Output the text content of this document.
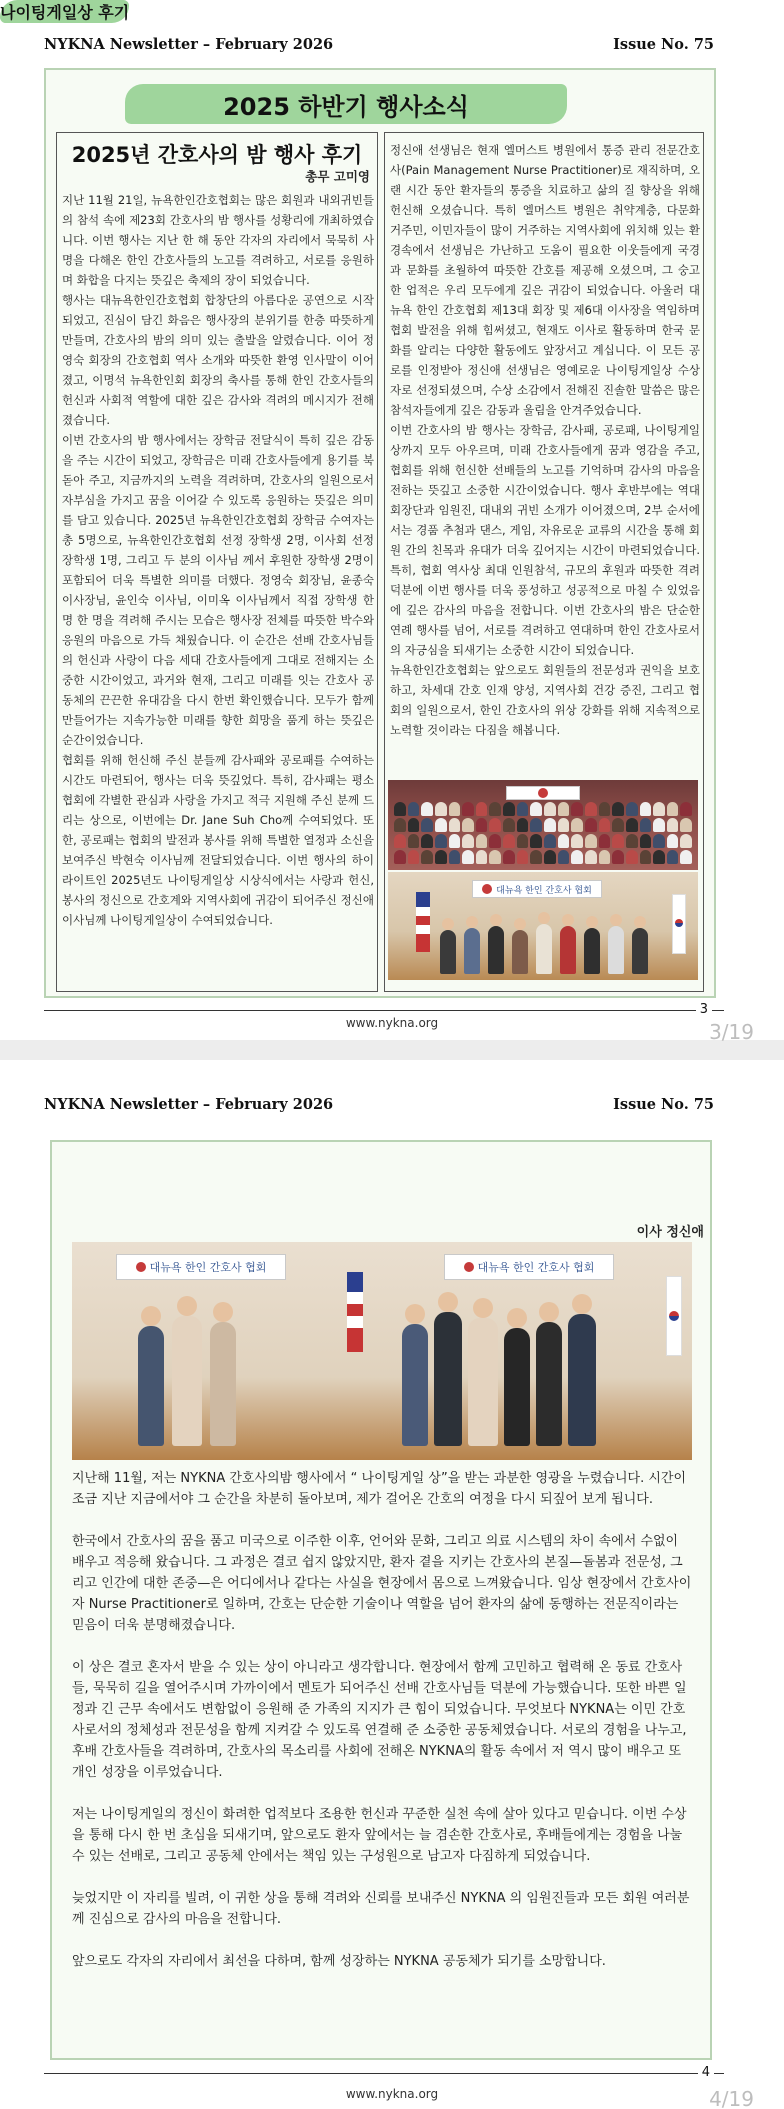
NYKNA Newsletter – February 2026	Issue No. 75
2025 하반기 행사소식
2025년 간호사의 밤 행사 후기
총무 고미영
지난 11월 21일, 뉴욕한인간호협회는 많은 회원과 내외귀빈들의 참석 속에 제23회 간호사의 밤 행사를 성황리에 개최하였습니다. 이번 행사는 지난 한 해 동안 각자의 자리에서 묵묵히 사명을 다해온 한인 간호사들의 노고를 격려하고, 서로를 응원하며 화합을 다지는 뜻깊은 축제의 장이 되었습니다.
행사는 대뉴욕한인간호협회 합창단의 아름다운 공연으로 시작되었고, 진심이 담긴 화음은 행사장의 분위기를 한층 따뜻하게 만들며, 간호사의 밤의 의미 있는 출발을 알렸습니다. 이어 정영숙 회장의 간호협회 역사 소개와 따뜻한 환영 인사말이 이어졌고, 이명석 뉴욕한인회 회장의 축사를 통해 한인 간호사들의 헌신과 사회적 역할에 대한 깊은 감사와 격려의 메시지가 전해졌습니다.
이번 간호사의 밤 행사에서는 장학금 전달식이 특히 깊은 감동을 주는 시간이 되었고, 장학금은 미래 간호사들에게 용기를 북돋아 주고, 지금까지의 노력을 격려하며, 간호사의 일원으로서 자부심을 가지고 꿈을 이어갈 수 있도록 응원하는 뜻깊은 의미를 담고 있습니다. 2025년 뉴욕한인간호협회 장학금 수여자는 총 5명으로, 뉴욕한인간호협회 선정 장학생 2명, 이사회 선정 장학생 1명, 그리고 두 분의 이사님 께서 후원한 장학생 2명이 포함되어 더욱 특별한 의미를 더했다. 정영숙 회장님, 윤종숙 이사장님, 윤인숙 이사님, 이미옥 이사님께서 직접 장학생 한 명 한 명을 격려해 주시는 모습은 행사장 전체를 따뜻한 박수와 응원의 마음으로 가득 채웠습니다. 이 순간은 선배 간호사님들의 헌신과 사랑이 다음 세대 간호사들에게 그대로 전해지는 소중한 시간이었고, 과거와 현재, 그리고 미래를 잇는 간호사 공동체의 끈끈한 유대감을 다시 한번 확인했습니다. 모두가 함께 만들어가는 지속가능한 미래를 향한 희망을 품게 하는 뜻깊은 순간이었습니다.
협회를 위해 헌신해 주신 분들께 감사패와 공로패를 수여하는 시간도 마련되어, 행사는 더욱 뜻깊었다. 특히, 감사패는 평소 협회에 각별한 관심과 사랑을 가지고 적극 지원해 주신 분께 드리는 상으로, 이번에는 Dr. Jane Suh Cho께 수여되었다. 또한, 공로패는 협회의 발전과 봉사를 위해 특별한 열정과 소신을 보여주신 박현숙 이사님께 전달되었습니다. 이번 행사의 하이라이트인 2025년도 나이팅게일상 시상식에서는 사랑과 헌신, 봉사의 정신으로 간호계와 지역사회에 귀감이 되어주신 정신애 이사님께 나이팅게일상이 수여되었습니다.
정신애 선생님은 현재 엘머스트 병원에서 통증 관리 전문간호사(Pain Management Nurse Practitioner)로 재직하며, 오랜 시간 동안 환자들의 통증을 치료하고 삶의 질 향상을 위해 헌신해 오셨습니다. 특히 엘머스트 병원은 취약계층, 다문화 거주민, 이민자들이 많이 거주하는 지역사회에 위치해 있는 환경속에서 선생님은 가난하고 도움이 필요한 이웃들에게 국경과 문화를 초월하여 따뜻한 간호를 제공해 오셨으며, 그 숭고한 업적은 우리 모두에게 깊은 귀감이 되었습니다. 아울러 대 뉴욕 한인 간호협회 제13대 회장 및 제6대 이사장을 역임하며 협회 발전을 위해 힘써셨고, 현재도 이사로 활동하며 한국 문화를 알리는 다양한 활동에도 앞장서고 계십니다. 이 모든 공로를 인정받아 정신애 선생님은 영예로운 나이팅게일상 수상자로 선정되셨으며, 수상 소감에서 전해진 진솔한 말씀은 많은 참석자들에게 깊은 감동과 울림을 안겨주었습니다.
이번 간호사의 밤 행사는 장학금, 감사패, 공로패, 나이팅게일상까지 모두 아우르며, 미래 간호사들에게 꿈과 영감을 주고, 협회를 위해 헌신한 선배들의 노고를 기억하며 감사의 마음을 전하는 뜻깊고 소중한 시간이었습니다. 행사 후반부에는 역대 회장단과 임원진, 대내외 귀빈 소개가 이어졌으며, 2부 순서에서는 경품 추첨과 댄스, 게임, 자유로운 교류의 시간을 통해 회원 간의 친목과 유대가 더욱 깊어지는 시간이 마련되었습니다. 특히, 협회 역사상 최대 인원참석, 규모의 후원과 따뜻한 격려 덕분에 이번 행사를 더욱 풍성하고 성공적으로 마칠 수 있었음에 깊은 감사의 마음을 전합니다. 이번 간호사의 밤은 단순한 연례 행사를 넘어, 서로를 격려하고 연대하며 한인 간호사로서의 자긍심을 되새기는 소중한 시간이 되었습니다.
뉴욕한인간호협회는 앞으로도 회원들의 전문성과 권익을 보호하고, 차세대 간호 인재 양성, 지역사회 건강 증진, 그리고 협회의 일원으로서, 한인 간호사의 위상 강화를 위해 지속적으로 노력할 것이라는 다짐을 해봅니다.
대뉴욕 한인 간호사 협회
3
www.nykna.org	3/19
NYKNA Newsletter – February 2026	Issue No. 75
4
www.nykna.org	4/19
나이팅게일상 후기
이사 정신애
대뉴욕 한인 간호사 협회	대뉴욕 한인 간호사 협회

지난해 11월, 저는 NYKNA 간호사의밤 행사에서 “ 나이팅게일 상”을 받는 과분한 영광을 누렸습니다. 시간이 조금 지난 지금에서야 그 순간을 차분히 돌아보며, 제가 걸어온 간호의 여정을 다시 되짚어 보게 됩니다.

한국에서 간호사의 꿈을 품고 미국으로 이주한 이후, 언어와 문화, 그리고 의료 시스템의 차이 속에서 수없이 배우고 적응해 왔습니다. 그 과정은 결코 쉽지 않았지만, 환자 곁을 지키는 간호사의 본질—돌봄과 전문성, 그리고 인간에 대한 존중—은 어디에서나 같다는 사실을 현장에서 몸으로 느껴왔습니다. 임상 현장에서 간호사이자 Nurse Practitioner로 일하며, 간호는 단순한 기술이나 역할을 넘어 환자의 삶에 동행하는 전문직이라는 믿음이 더욱 분명해졌습니다.

이 상은 결코 혼자서 받을 수 있는 상이 아니라고 생각합니다. 현장에서 함께 고민하고 협력해 온 동료 간호사들, 묵묵히 길을 열어주시며 가까이에서 멘토가 되어주신 선배 간호사님들 덕분에 가능했습니다. 또한 바쁜 일정과 긴 근무 속에서도 변함없이 응원해 준 가족의 지지가 큰 힘이 되었습니다. 무엇보다 NYKNA는 이민 간호사로서의 정체성과 전문성을 함께 지켜갈 수 있도록 연결해 준 소중한 공동체였습니다. 서로의 경험을 나누고, 후배 간호사들을 격려하며, 간호사의 목소리를 사회에 전해온 NYKNA의 활동 속에서 저 역시 많이 배우고 또 개인 성장을 이루었습니다.

저는 나이팅게일의 정신이 화려한 업적보다 조용한 헌신과 꾸준한 실천 속에 살아 있다고 믿습니다. 이번 수상을 통해 다시 한 번 초심을 되새기며, 앞으로도 환자 앞에서는 늘 겸손한 간호사로, 후배들에게는 경험을 나눌 수 있는 선배로, 그리고 공동체 안에서는 책임 있는 구성원으로 남고자 다짐하게 되었습니다.

늦었지만 이 자리를 빌려, 이 귀한 상을 통해 격려와 신뢰를 보내주신 NYKNA 의 임원진들과 모든 회원 여러분께 진심으로 감사의 마음을 전합니다.

앞으로도 각자의 자리에서 최선을 다하며, 함께 성장하는 NYKNA 공동체가 되기를 소망합니다.
